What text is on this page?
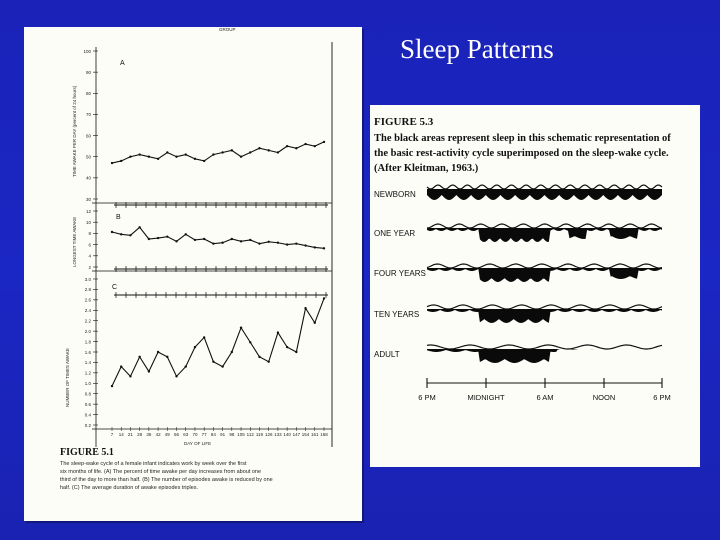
Sleep Patterns
GROUP
A
B
C
TIME AWAKE PER DAY (percent of 24 hours)
LONGEST TIME AWAKE
NUMBER OF TIMES AWAKE
100
90
80
70
60
50
40
30
12
10
8
6
4
2
3.0
2.8
2.6
2.4
2.2
2.0
1.8
1.6
1.4
1.2
1.0
0.8
0.6
0.4
0.2
7 14 21 28 35 42 49 56 63 70 77 84 91 98 105 112 119 126 133 140 147 154 161 168
DAY OF LIFE
FIGURE 5.1
The sleep-wake cycle of a female infant indicates work by week over the first
six months of life. (A) The percent of time awake per day increases from about one
third of the day to more than half. (B) The number of episodes awake is reduced by one
half. (C) The average duration of awake episodes triples.
FIGURE 5.3
The black areas represent sleep in this schematic representation of
the basic rest-activity cycle superimposed on the sleep-wake cycle.
(After Kleitman, 1963.)
NEWBORN
ONE YEAR
FOUR YEARS
TEN YEARS
ADULT
6 PM	MIDNIGHT	6 AM	NOON	6 PM
